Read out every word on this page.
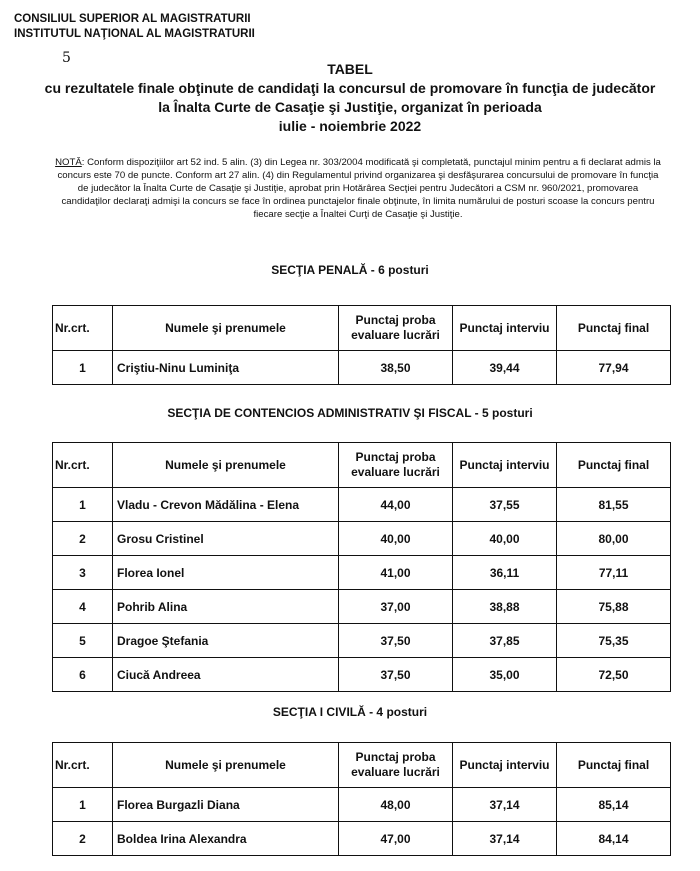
CONSILIUL SUPERIOR AL MAGISTRATURII
INSTITUTUL NAŢIONAL AL MAGISTRATURII
5
TABEL
cu rezultatele finale obţinute de candidaţi la concursul de promovare în funcţia de judecător
la Înalta Curte de Casaţie şi Justiţie, organizat în perioada
iulie - noiembrie 2022
NOTĂ: Conform dispoziţiilor art 52 ind. 5 alin. (3) din Legea nr. 303/2004 modificată şi completată, punctajul minim pentru a fi declarat admis la concurs este 70 de puncte. Conform art 27 alin. (4) din Regulamentul privind organizarea şi desfăşurarea concursului de promovare în funcţia de judecător la Înalta Curte de Casaţie şi Justiţie, aprobat prin Hotărârea Secţiei pentru Judecători a CSM nr. 960/2021, promovarea candidaţilor declaraţi admişi la concurs se face în ordinea punctajelor finale obţinute, în limita numărului de posturi scoase la concurs pentru fiecare secţie a Înaltei Curţi de Casaţie şi Justiţie.
SECŢIA PENALĂ - 6 posturi
Nr.crt.	Numele şi prenumele	Punctaj proba evaluare lucrări	Punctaj interviu	Punctaj final
1	Criştiu-Ninu Luminiţa	38,50	39,44	77,94
SECŢIA DE CONTENCIOS ADMINISTRATIV ŞI FISCAL - 5 posturi
Nr.crt.	Numele şi prenumele	Punctaj proba evaluare lucrări	Punctaj interviu	Punctaj final
1	Vladu - Crevon Mădălina - Elena	44,00	37,55	81,55
2	Grosu Cristinel	40,00	40,00	80,00
3	Florea Ionel	41,00	36,11	77,11
4	Pohrib Alina	37,00	38,88	75,88
5	Dragoe Ştefania	37,50	37,85	75,35
6	Ciucă Andreea	37,50	35,00	72,50
SECŢIA I CIVILĂ - 4 posturi
Nr.crt.	Numele şi prenumele	Punctaj proba evaluare lucrări	Punctaj interviu	Punctaj final
1	Florea Burgazli Diana	48,00	37,14	85,14
2	Boldea Irina Alexandra	47,00	37,14	84,14
